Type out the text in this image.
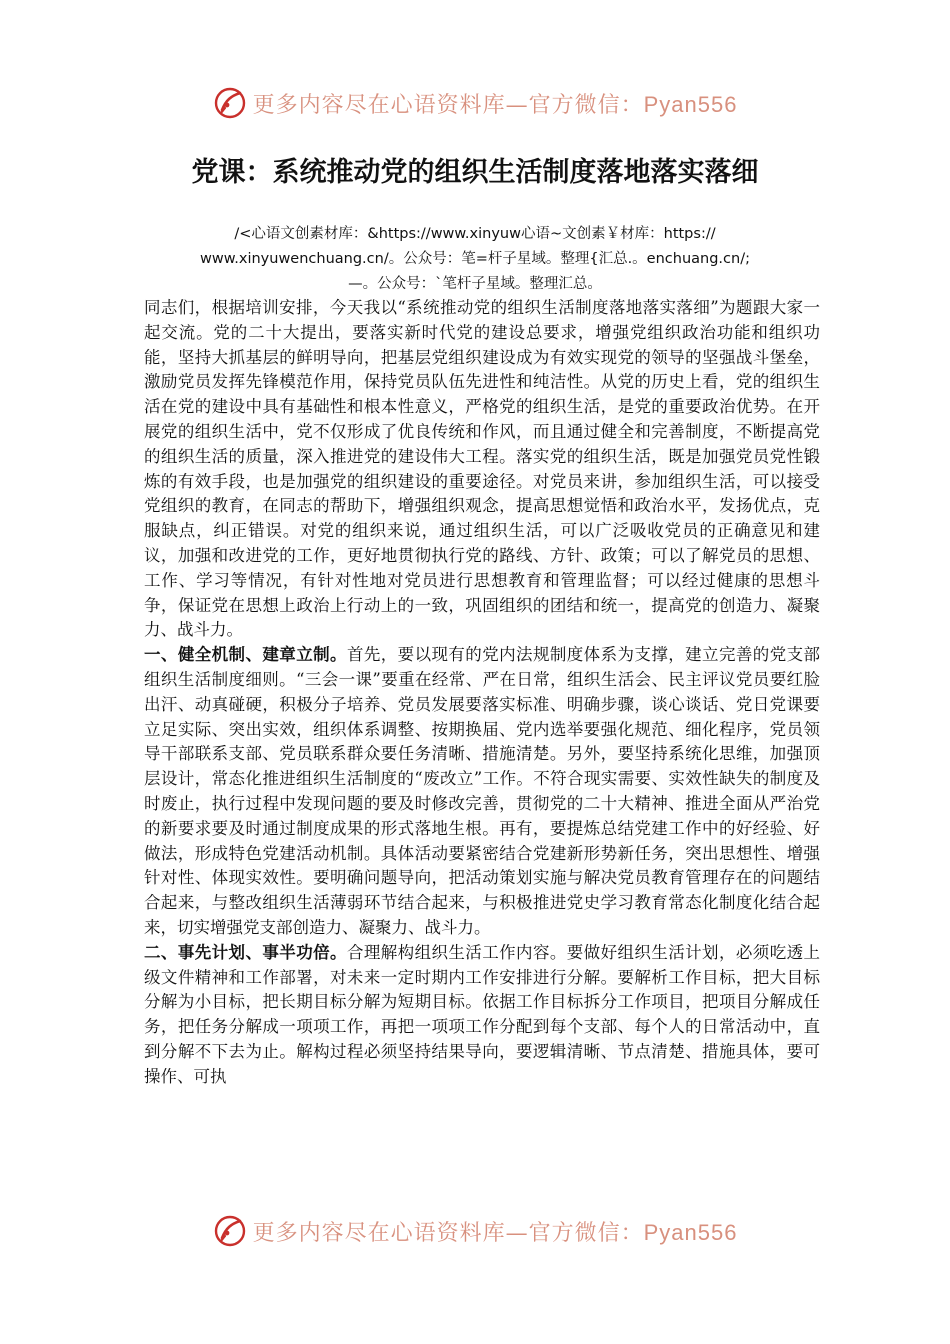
更多内容尽在心语资料库—官方微信：Pyan556
党课：系统推动党的组织生活制度落地落实落细
/<心语文创素材库：&https://www.xinyuw心语~文创素￥材库：https://
www.xinyuwenchuang.cn/。公众号：笔=杆子星域。整理{汇总.。enchuang.cn/;
—。公众号：`笔杆子星域。整理汇总。

同志们，根据培训安排，今天我以“系统推动党的组织生活制度落地落实落细”为题跟大家一起交流。党的二十大提出，要落实新时代党的建设总要求，增强党组织政治功能和组织功能，坚持大抓基层的鲜明导向，把基层党组织建设成为有效实现党的领导的坚强战斗堡垒，激励党员发挥先锋模范作用，保持党员队伍先进性和纯洁性。从党的历史上看，党的组织生活在党的建设中具有基础性和根本性意义，严格党的组织生活，是党的重要政治优势。在开展党的组织生活中，党不仅形成了优良传统和作风，而且通过健全和完善制度，不断提高党的组织生活的质量，深入推进党的建设伟大工程。落实党的组织生活，既是加强党员党性锻炼的有效手段，也是加强党的组织建设的重要途径。对党员来讲，参加组织生活，可以接受党组织的教育，在同志的帮助下，增强组织观念，提高思想觉悟和政治水平，发扬优点，克服缺点，纠正错误。对党的组织来说，通过组织生活，可以广泛吸收党员的正确意见和建议，加强和改进党的工作，更好地贯彻执行党的路线、方针、政策；可以了解党员的思想、工作、学习等情况，有针对性地对党员进行思想教育和管理监督；可以经过健康的思想斗争，保证党在思想上政治上行动上的一致，巩固组织的团结和统一，提高党的创造力、凝聚力、战斗力。

一、健全机制、建章立制。首先，要以现有的党内法规制度体系为支撑，建立完善的党支部组织生活制度细则。“三会一课”要重在经常、严在日常，组织生活会、民主评议党员要红脸出汗、动真碰硬，积极分子培养、党员发展要落实标准、明确步骤，谈心谈话、党日党课要立足实际、突出实效，组织体系调整、按期换届、党内选举要强化规范、细化程序，党员领导干部联系支部、党员联系群众要任务清晰、措施清楚。另外，要坚持系统化思维，加强顶层设计，常态化推进组织生活制度的“废改立”工作。不符合现实需要、实效性缺失的制度及时废止，执行过程中发现问题的要及时修改完善，贯彻党的二十大精神、推进全面从严治党的新要求要及时通过制度成果的形式落地生根。再有，要提炼总结党建工作中的好经验、好做法，形成特色党建活动机制。具体活动要紧密结合党建新形势新任务，突出思想性、增强针对性、体现实效性。要明确问题导向，把活动策划实施与解决党员教育管理存在的问题结合起来，与整改组织生活薄弱环节结合起来，与积极推进党史学习教育常态化制度化结合起来，切实增强党支部创造力、凝聚力、战斗力。

二、事先计划、事半功倍。合理解构组织生活工作内容。要做好组织生活计划，必须吃透上级文件精神和工作部署，对未来一定时期内工作安排进行分解。要解析工作目标，把大目标分解为小目标，把长期目标分解为短期目标。依据工作目标拆分工作项目，把项目分解成任务，把任务分解成一项项工作，再把一项项工作分配到每个支部、每个人的日常活动中，直到分解不下去为止。解构过程必须坚持结果导向，要逻辑清晰、节点清楚、措施具体，要可操作、可执

更多内容尽在心语资料库—官方微信：Pyan556
